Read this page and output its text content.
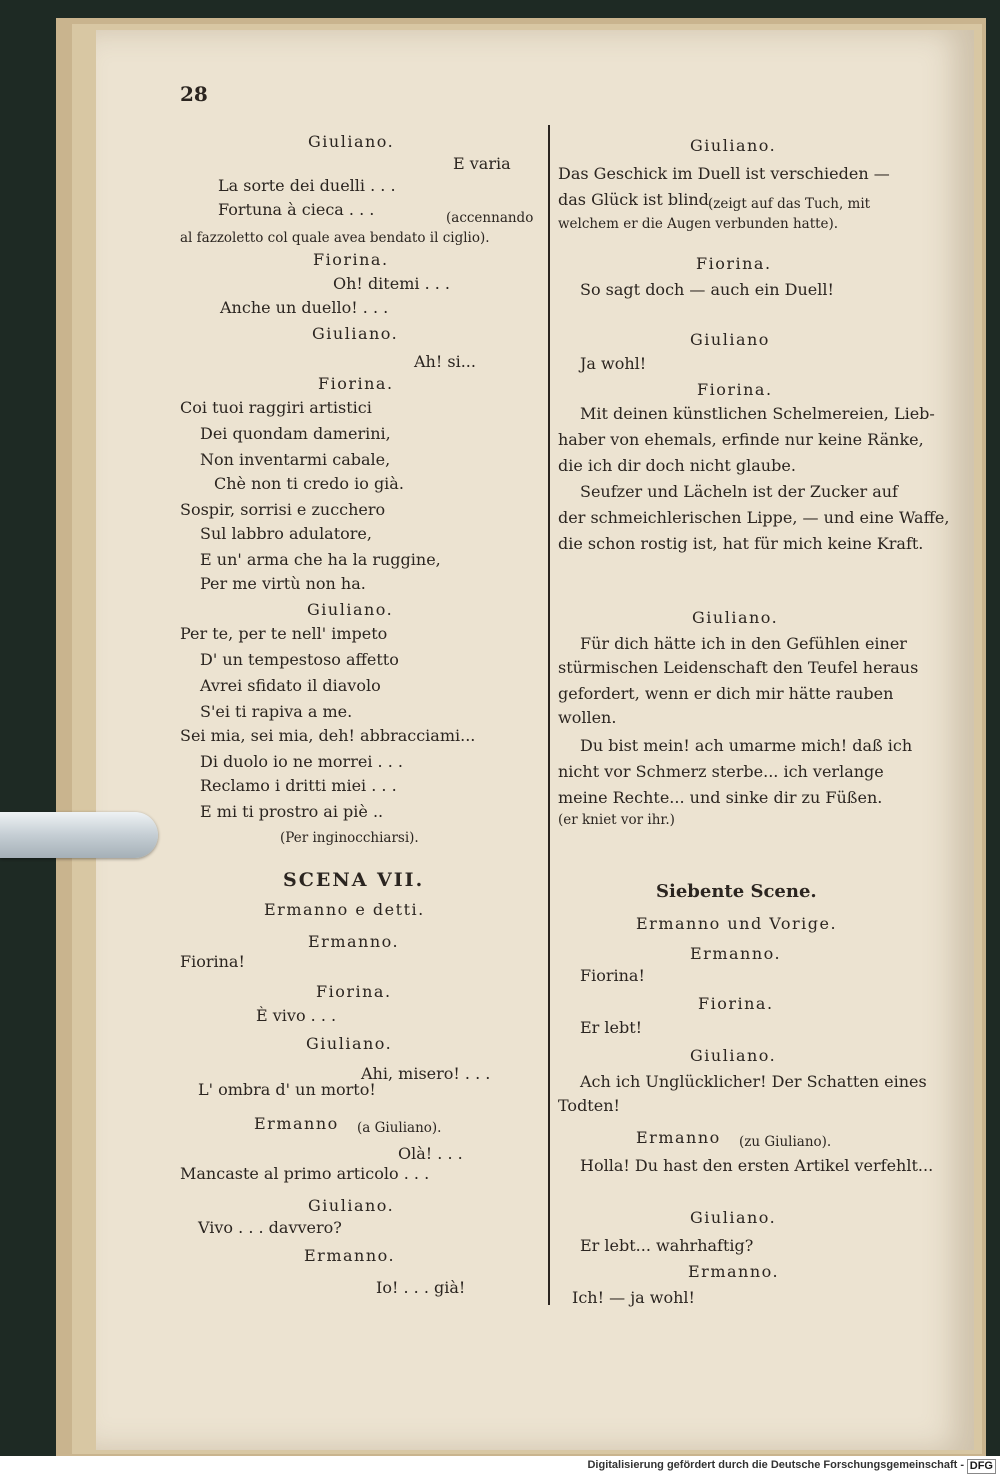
28
Giuliano.
E varia
La sorte dei duelli . . .
Fortuna à cieca . . .	(accennando
al fazzoletto col quale avea bendato il ciglio).
Fiorina.
Oh! ditemi . . .
Anche un duello! . . .
Giuliano.
Ah! si...
Fiorina.
Coi tuoi raggiri artistici
Dei quondam damerini,
Non inventarmi cabale,
Chè non ti credo io già.
Sospir, sorrisi e zucchero
Sul labbro adulatore,
E un' arma che ha la ruggine,
Per me virtù non ha.
Giuliano.
Per te, per te nell' impeto
D' un tempestoso affetto
Avrei sfidato il diavolo
S'ei ti rapiva a me.
Sei mia, sei mia, deh! abbracciami...
Di duolo io ne morrei . . .
Reclamo i dritti miei . . .
E mi ti prostro ai piè ..
(Per inginocchiarsi).
SCENA VII.
Ermanno e detti.
Ermanno.
Fiorina!
Fiorina.
È vivo . . .
Giuliano.
Ahi, misero! . . .
L' ombra d' un morto!
Ermanno (a Giuliano).
Olà! . . .
Mancaste al primo articolo . . .
Giuliano.
Vivo . . . davvero?
Ermanno.
Io! . . . già!
Giuliano.
Das Geschick im Duell ist verschieden —
das Glück ist blind (zeigt auf das Tuch, mit
welchem er die Augen verbunden hatte).
Fiorina.
So sagt doch — auch ein Duell!
Giuliano
Ja wohl!
Fiorina.
Mit deinen künstlichen Schelmereien, Lieb-
haber von ehemals, erfinde nur keine Ränke,
die ich dir doch nicht glaube.
Seufzer und Lächeln ist der Zucker auf
der schmeichlerischen Lippe, — und eine Waffe,
die schon rostig ist, hat für mich keine Kraft.
Giuliano.
Für dich hätte ich in den Gefühlen einer
stürmischen Leidenschaft den Teufel heraus
gefordert, wenn er dich mir hätte rauben
wollen.
Du bist mein! ach umarme mich! daß ich
nicht vor Schmerz sterbe... ich verlange
meine Rechte... und sinke dir zu Füßen.
(er kniet vor ihr.)
Siebente Scene.
Ermanno und Vorige.
Ermanno.
Fiorina!
Fiorina.
Er lebt!
Giuliano.
Ach ich Unglücklicher! Der Schatten eines
Todten!
Ermanno (zu Giuliano).
Holla! Du hast den ersten Artikel verfehlt...
Giuliano.
Er lebt... wahrhaftig?
Ermanno.
Ich! — ja wohl!
Digitalisierung gefördert durch die Deutsche Forschungsgemeinschaft - DFG
